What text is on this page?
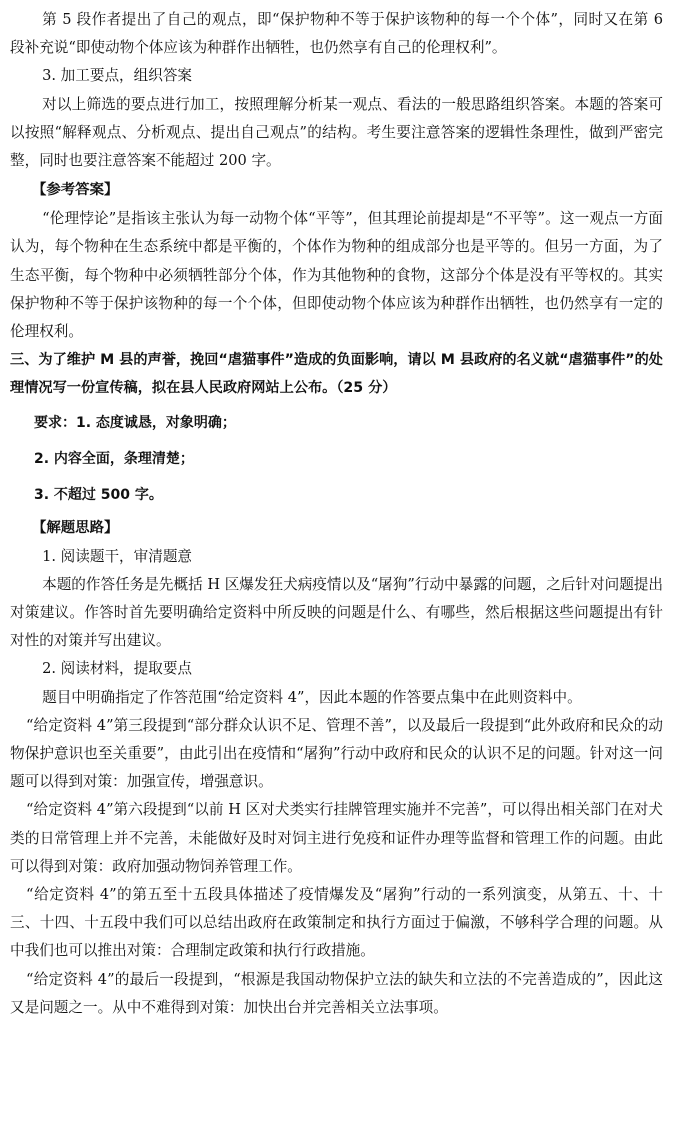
第 5 段作者提出了自己的观点，即“保护物种不等于保护该物种的每一个个体”，同时又在第 6 段补充说“即使动物个体应该为种群作出牺牲，也仍然享有自己的伦理权利”。

3. 加工要点，组织答案

对以上筛选的要点进行加工，按照理解分析某一观点、看法的一般思路组织答案。本题的答案可以按照“解释观点、分析观点、提出自己观点”的结构。考生要注意答案的逻辑性条理性，做到严密完整，同时也要注意答案不能超过 200 字。

【参考答案】

“伦理悖论”是指该主张认为每一动物个体“平等”，但其理论前提却是“不平等”。这一观点一方面认为，每个物种在生态系统中都是平衡的，个体作为物种的组成部分也是平等的。但另一方面，为了生态平衡，每个物种中必须牺牲部分个体，作为其他物种的食物，这部分个体是没有平等权的。其实保护物种不等于保护该物种的每一个个体，但即使动物个体应该为种群作出牺牲，也仍然享有一定的伦理权利。

三、为了维护 M 县的声誉，挽回“虐猫事件”造成的负面影响，请以 M 县政府的名义就“虐猫事件”的处理情况写一份宣传稿，拟在县人民政府网站上公布。（25 分）

要求：1. 态度诚恳，对象明确；

2. 内容全面，条理清楚；

3. 不超过 500 字。

【解题思路】

1. 阅读题干，审清题意

本题的作答任务是先概括 H 区爆发狂犬病疫情以及“屠狗”行动中暴露的问题，之后针对问题提出对策建议。作答时首先要明确给定资料中所反映的问题是什么、有哪些，然后根据这些问题提出有针对性的对策并写出建议。

2. 阅读材料，提取要点

题目中明确指定了作答范围“给定资料 4”，因此本题的作答要点集中在此则资料中。

“给定资料 4”第三段提到“部分群众认识不足、管理不善”，以及最后一段提到“此外政府和民众的动物保护意识也至关重要”，由此引出在疫情和“屠狗”行动中政府和民众的认识不足的问题。针对这一问题可以得到对策：加强宣传，增强意识。

“给定资料 4”第六段提到“以前 H 区对犬类实行挂牌管理实施并不完善”，可以得出相关部门在对犬类的日常管理上并不完善，未能做好及时对饲主进行免疫和证件办理等监督和管理工作的问题。由此可以得到对策：政府加强动物饲养管理工作。

“给定资料 4”的第五至十五段具体描述了疫情爆发及“屠狗”行动的一系列演变，从第五、十、十三、十四、十五段中我们可以总结出政府在政策制定和执行方面过于偏激，不够科学合理的问题。从中我们也可以推出对策：合理制定政策和执行行政措施。

“给定资料 4”的最后一段提到，“根源是我国动物保护立法的缺失和立法的不完善造成的”，因此这又是问题之一。从中不难得到对策：加快出台并完善相关立法事项。
